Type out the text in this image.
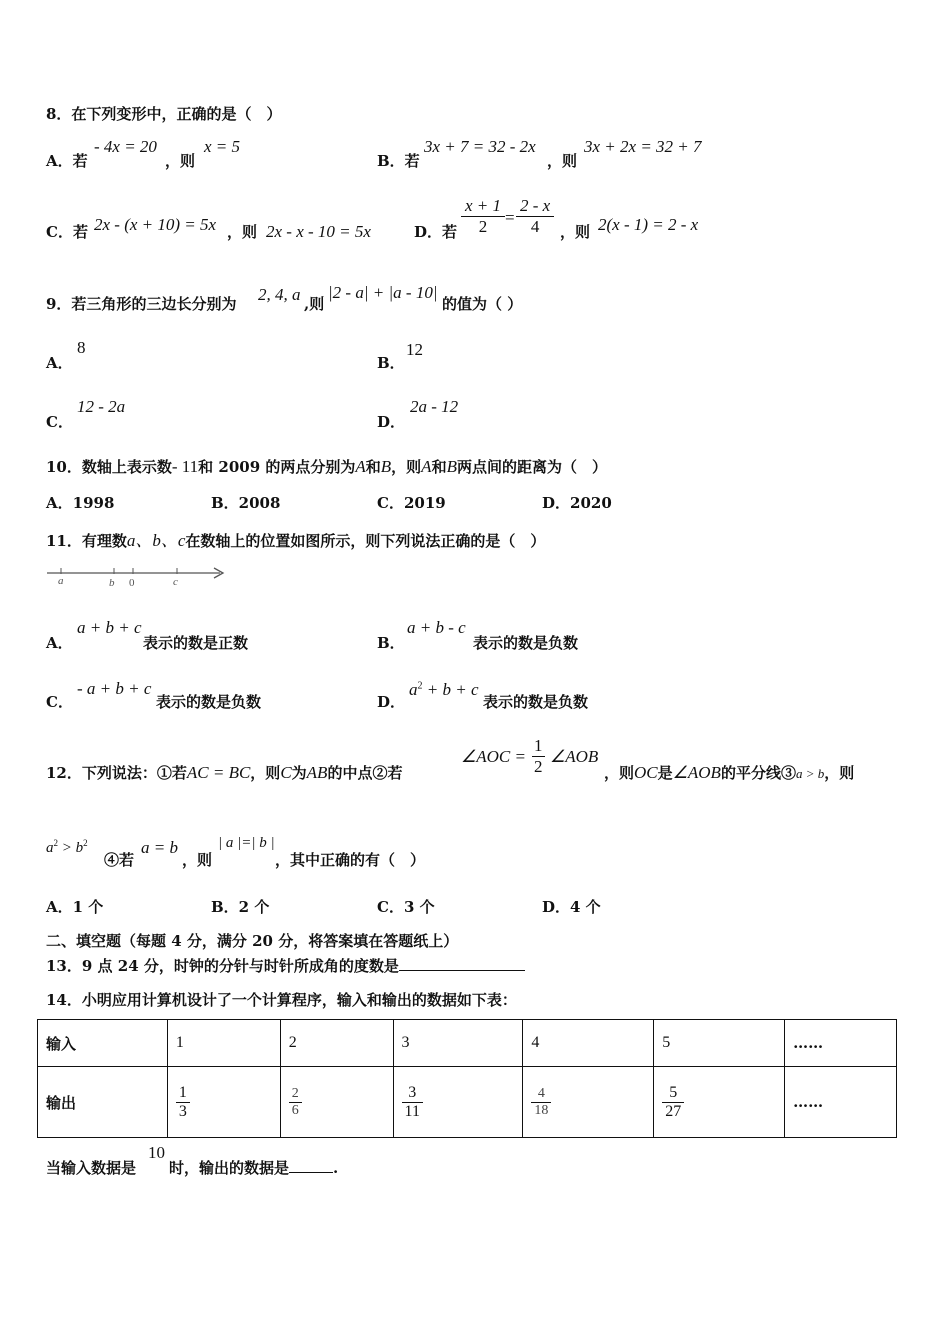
8．在下列变形中，正确的是（　）
A．若
- 4x = 20
，则
x = 5
B．若
3x + 7 = 32 - 2x
，则
3x + 2x = 32 + 7
C．若 2x - (x + 10) = 5x ，则 2x - x - 10 = 5x	D．若 $\frac{x + 1}{2} = \frac{2 - x}{4}$ ，则 2(x - 1) = 2 - x
9．若三角形的三边长分别为 2, 4, a ,则
|2 - a| + |a - 10|
的值为（ ）
A．
8
B．
12
C．
12 - 2a
D．
2a - 12
10．数轴上表示数- 11和 2009 的两点分别为A和B，则A和B两点间的距离为（　）
A．1998	B．2008	C．2019	D．2020
11．有理数a、b、c在数轴上的位置如图所示，则下列说法正确的是（　）
a	b 0	c
A．
a + b + c
表示的数是正数	B．
a + b - c
表示的数是负数
C．
- a + b + c
表示的数是负数	D．
$a^2 + b + c$
表示的数是负数
12．下列说法：①若AC = BC，则C为AB的中点②若
∠AOC = $\frac{1}{2}$ ∠AOB
，则OC是∠AOB的平分线③a > b，则
$a^2 > b^2$
④若
a = b
，则
| a |=| b |
，其中正确的有（　）
A．1 个	B．2 个	C．3 个	D．4 个
二、填空题（每题 4 分，满分 20 分，将答案填在答题纸上）
13．9 点 24 分，时钟的分针与时针所成角的度数是
14．小明应用计算机设计了一个计算程序，输入和输出的数据如下表：
输入	1	2	3	4	5	……
输出	$\frac{1}{3}$	$\frac{2}{6}$	$\frac{3}{11}$	$\frac{4}{18}$	$\frac{5}{27}$	……
当输入数据是
10
时，输出的数据是	.
